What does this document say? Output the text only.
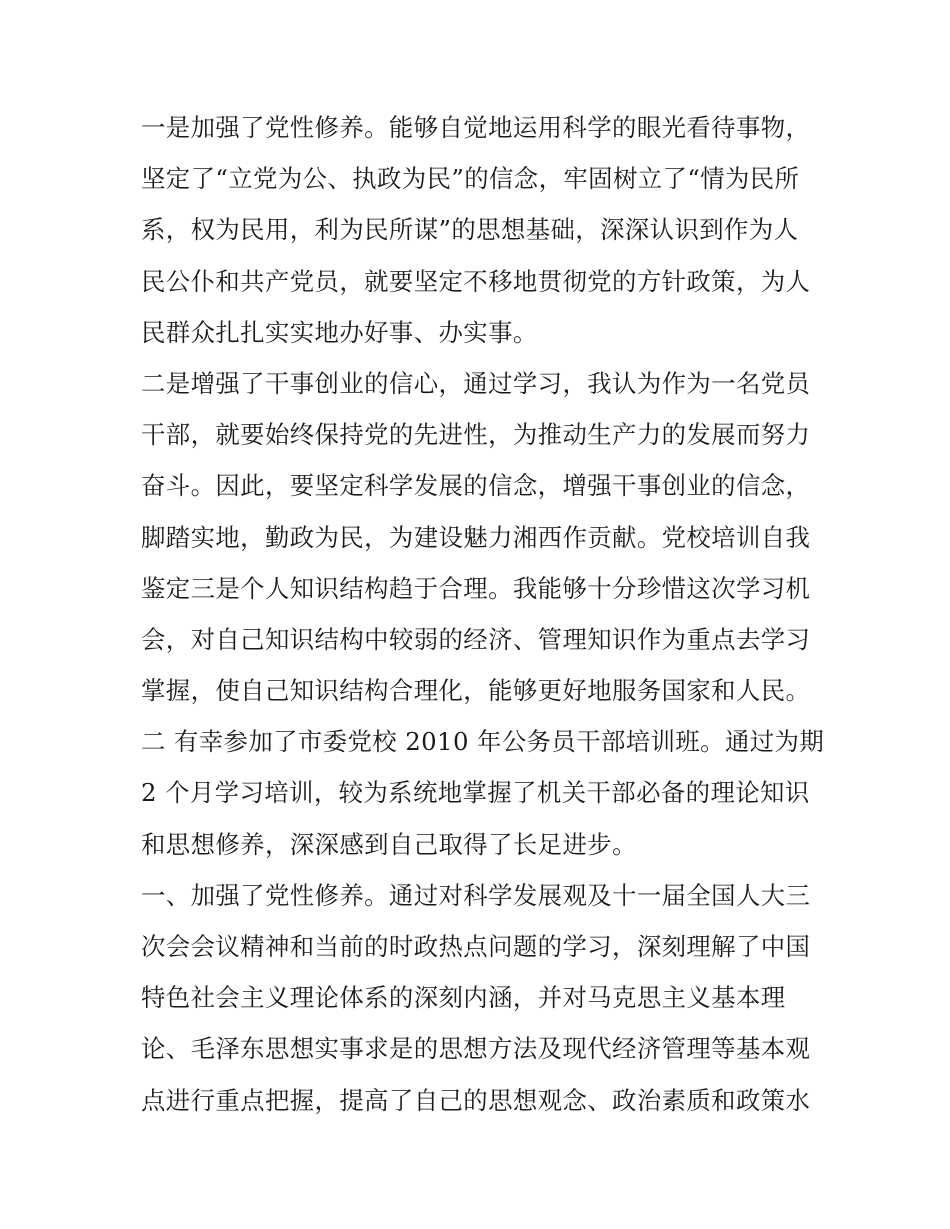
一是加强了党性修养。能够自觉地运用科学的眼光看待事物，
坚定了“立党为公、执政为民”的信念，牢固树立了“情为民所
系，权为民用，利为民所谋”的思想基础，深深认识到作为人
民公仆和共产党员，就要坚定不移地贯彻党的方针政策，为人
民群众扎扎实实地办好事、办实事。
二是增强了干事创业的信心，通过学习，我认为作为一名党员
干部，就要始终保持党的先进性，为推动生产力的发展而努力
奋斗。因此，要坚定科学发展的信念，增强干事创业的信念，
脚踏实地，勤政为民，为建设魅力湘西作贡献。党校培训自我
鉴定三是个人知识结构趋于合理。我能够十分珍惜这次学习机
会，对自己知识结构中较弱的经济、管理知识作为重点去学习
掌握，使自己知识结构合理化，能够更好地服务国家和人民。
二 有幸参加了市委党校 2010 年公务员干部培训班。通过为期
2 个月学习培训，较为系统地掌握了机关干部必备的理论知识
和思想修养，深深感到自己取得了长足进步。
一、加强了党性修养。通过对科学发展观及十一届全国人大三
次会会议精神和当前的时政热点问题的学习，深刻理解了中国
特色社会主义理论体系的深刻内涵，并对马克思主义基本理
论、毛泽东思想实事求是的思想方法及现代经济管理等基本观
点进行重点把握，提高了自己的思想观念、政治素质和政策水
